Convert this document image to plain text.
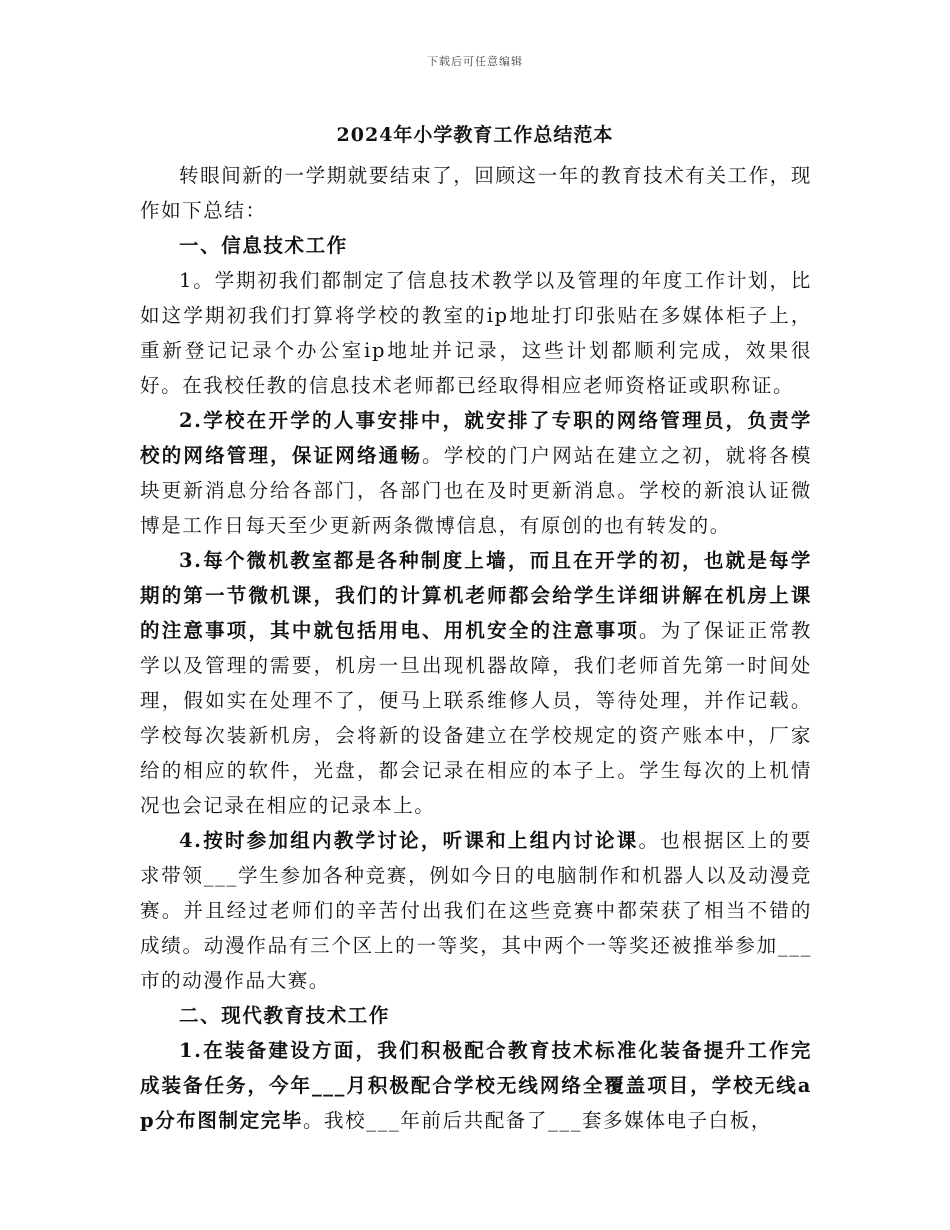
下载后可任意编辑
2024年小学教育工作总结范本

转眼间新的一学期就要结束了，回顾这一年的教育技术有关工作，现作如下总结：

一、信息技术工作

1。学期初我们都制定了信息技术教学以及管理的年度工作计划，比如这学期初我们打算将学校的教室的ip地址打印张贴在多媒体柜子上，重新登记记录个办公室ip地址并记录，这些计划都顺利完成，效果很好。在我校任教的信息技术老师都已经取得相应老师资格证或职称证。

2.学校在开学的人事安排中，就安排了专职的网络管理员，负责学校的网络管理，保证网络通畅。学校的门户网站在建立之初，就将各模块更新消息分给各部门，各部门也在及时更新消息。学校的新浪认证微博是工作日每天至少更新两条微博信息，有原创的也有转发的。

3.每个微机教室都是各种制度上墙，而且在开学的初，也就是每学期的第一节微机课，我们的计算机老师都会给学生详细讲解在机房上课的注意事项，其中就包括用电、用机安全的注意事项。为了保证正常教学以及管理的需要，机房一旦出现机器故障，我们老师首先第一时间处理，假如实在处理不了，便马上联系维修人员，等待处理，并作记载。学校每次装新机房，会将新的设备建立在学校规定的资产账本中，厂家给的相应的软件，光盘，都会记录在相应的本子上。学生每次的上机情况也会记录在相应的记录本上。

4.按时参加组内教学讨论，听课和上组内讨论课。也根据区上的要求带领___学生参加各种竞赛，例如今日的电脑制作和机器人以及动漫竞赛。并且经过老师们的辛苦付出我们在这些竞赛中都荣获了相当不错的成绩。动漫作品有三个区上的一等奖，其中两个一等奖还被推举参加___市的动漫作品大赛。

二、现代教育技术工作

1.在装备建设方面，我们积极配合教育技术标准化装备提升工作完成装备任务，今年___月积极配合学校无线网络全覆盖项目，学校无线ap分布图制定完毕。我校___年前后共配备了___套多媒体电子白板，
